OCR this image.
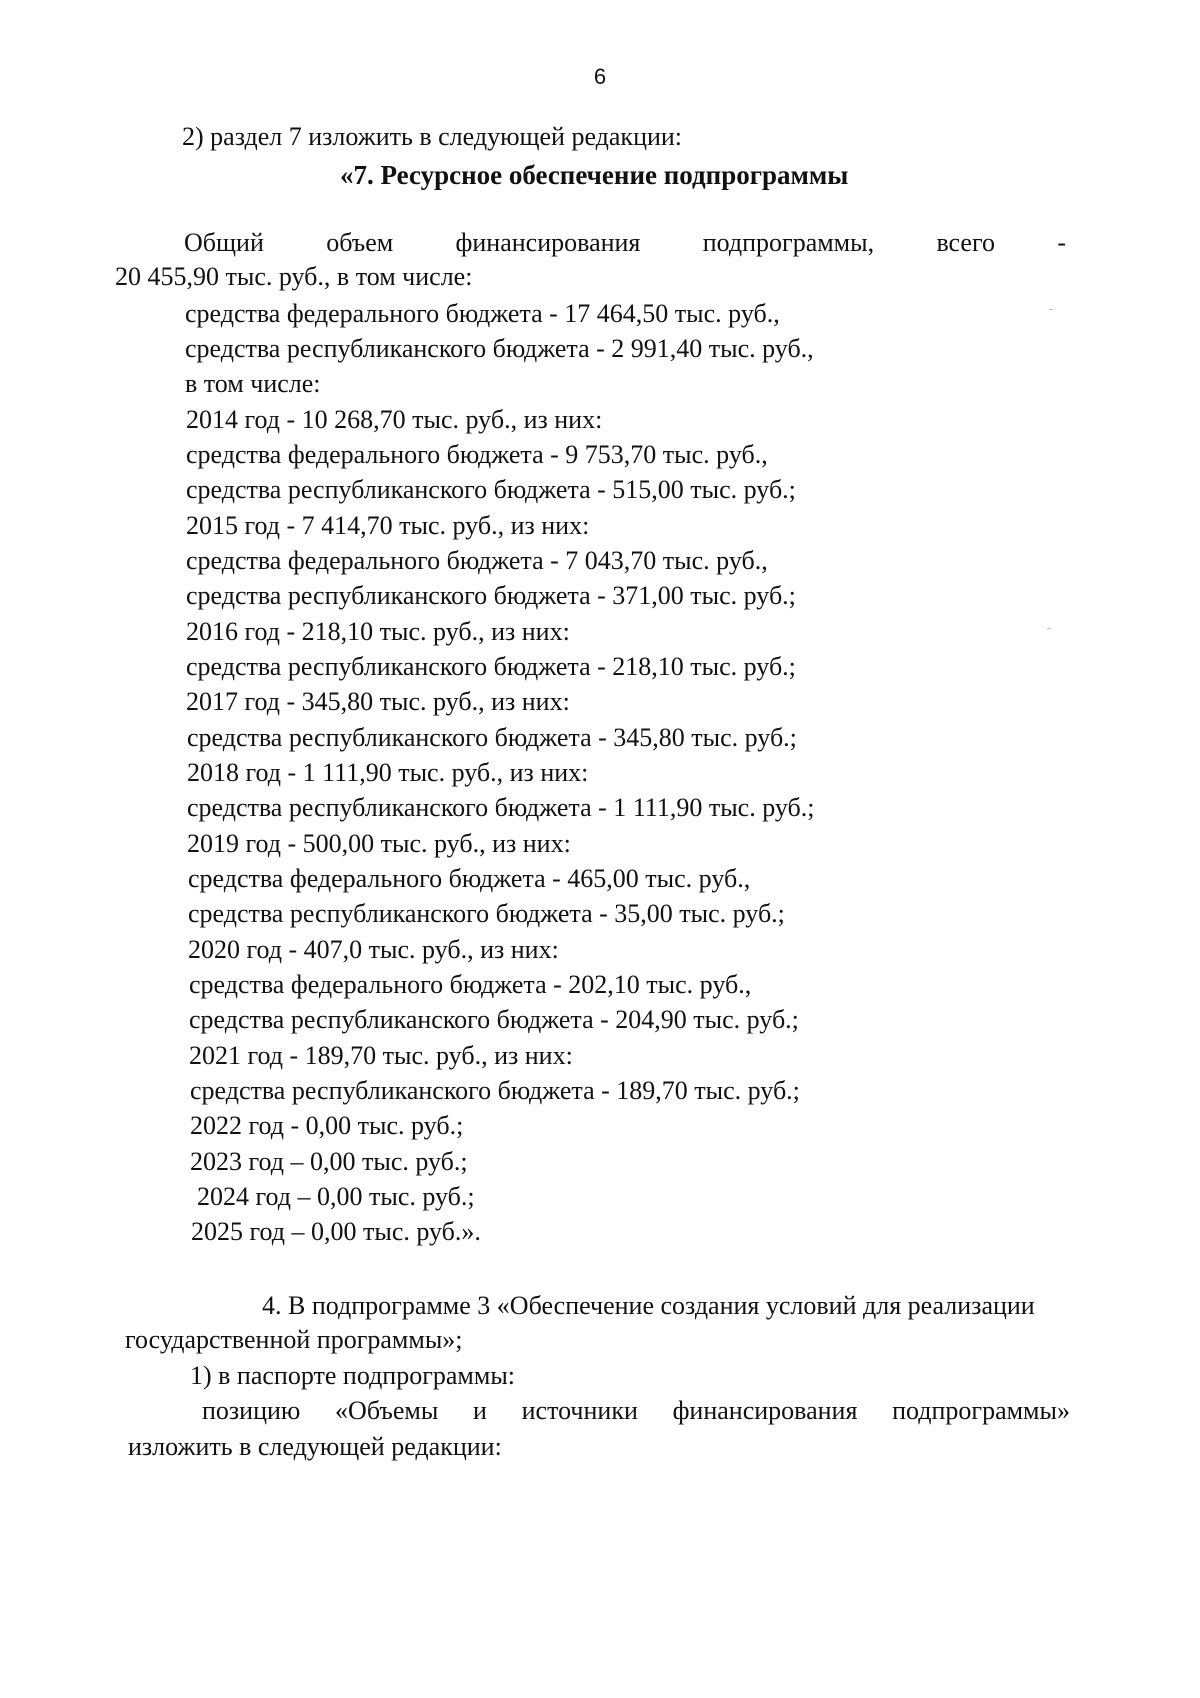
6
2) раздел 7 изложить в следующей редакции:
«7. Ресурсное обеспечение подпрограммы
Общий объем финансирования подпрограммы, всего -
20 455,90 тыс. руб., в том числе:
средства федерального бюджета - 17 464,50 тыс. руб.,
средства республиканского бюджета - 2 991,40 тыс. руб.,
в том числе:
2014 год - 10 268,70 тыс. руб., из них:
средства федерального бюджета - 9 753,70 тыс. руб.,
средства республиканского бюджета - 515,00 тыс. руб.;
2015 год - 7 414,70 тыс. руб., из них:
средства федерального бюджета - 7 043,70 тыс. руб.,
средства республиканского бюджета - 371,00 тыс. руб.;
2016 год - 218,10 тыс. руб., из них:
средства республиканского бюджета - 218,10 тыс. руб.;
2017 год - 345,80 тыс. руб., из них:
средства республиканского бюджета - 345,80 тыс. руб.;
2018 год - 1 111,90 тыс. руб., из них:
средства республиканского бюджета - 1 111,90 тыс. руб.;
2019 год - 500,00 тыс. руб., из них:
средства федерального бюджета - 465,00 тыс. руб.,
средства республиканского бюджета - 35,00 тыс. руб.;
2020 год - 407,0 тыс. руб., из них:
средства федерального бюджета - 202,10 тыс. руб.,
средства республиканского бюджета - 204,90 тыс. руб.;
2021 год - 189,70 тыс. руб., из них:
средства республиканского бюджета - 189,70 тыс. руб.;
2022 год - 0,00 тыс. руб.;
2023 год – 0,00 тыс. руб.;
2024 год – 0,00 тыс. руб.;
2025 год – 0,00 тыс. руб.».
4. В подпрограмме 3 «Обеспечение создания условий для реализации
государственной программы»;
1) в паспорте подпрограммы:
позицию «Объемы и источники финансирования подпрограммы»
изложить в следующей редакции:
